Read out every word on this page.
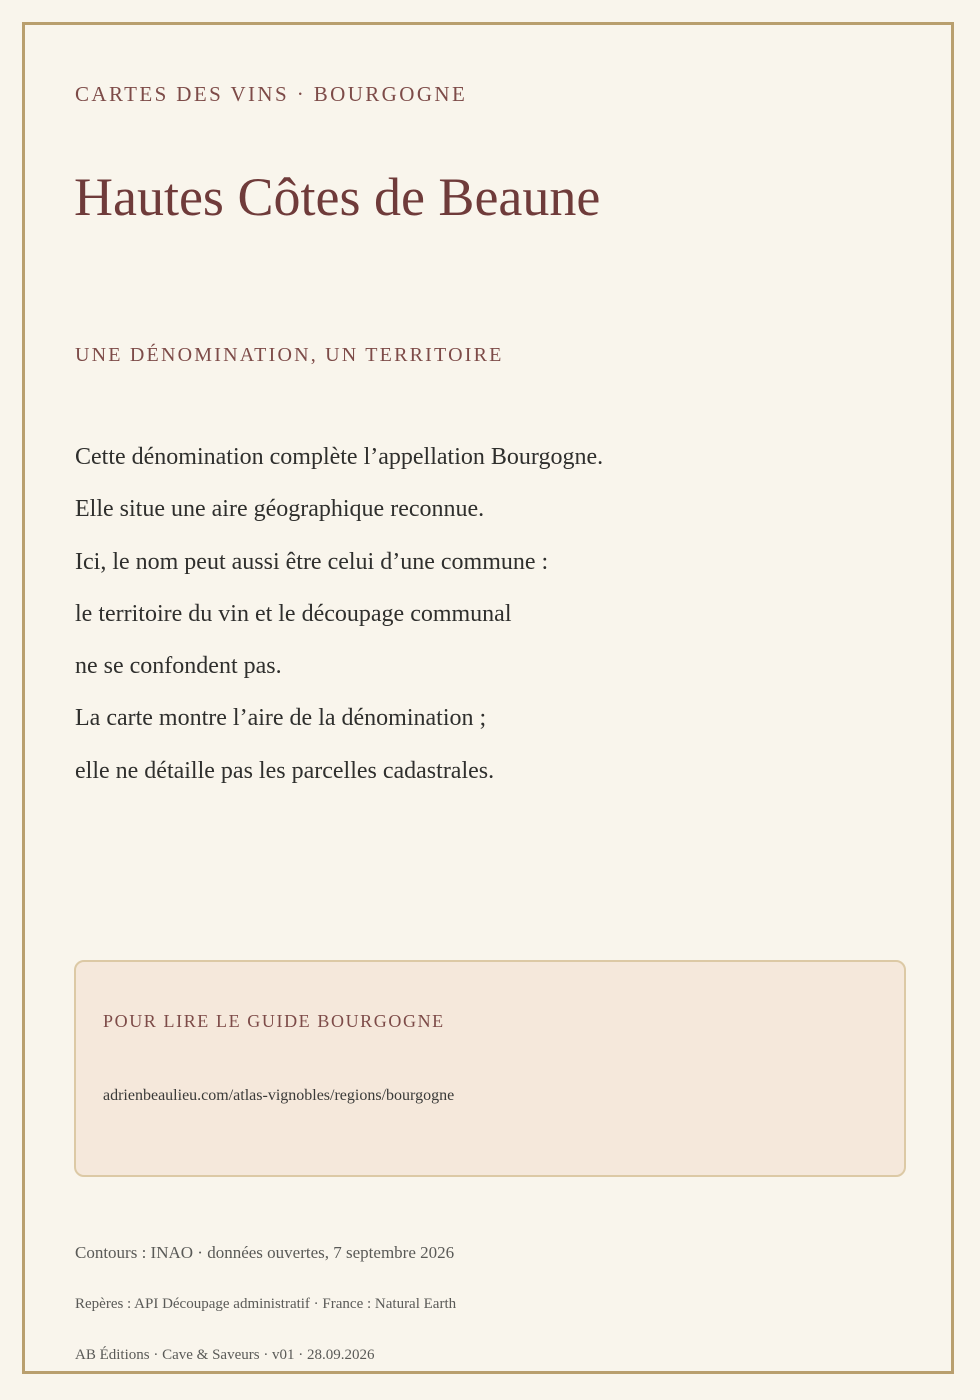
CARTES DES VINS · BOURGOGNE
Hautes Côtes de Beaune
UNE DÉNOMINATION, UN TERRITOIRE
Cette dénomination complète l’appellation Bourgogne.
Elle situe une aire géographique reconnue.
Ici, le nom peut aussi être celui d’une commune :
le territoire du vin et le découpage communal
ne se confondent pas.
La carte montre l’aire de la dénomination ;
elle ne détaille pas les parcelles cadastrales.
POUR LIRE LE GUIDE BOURGOGNE
adrienbeaulieu.com/atlas-vignobles/regions/bourgogne
Contours : INAO · données ouvertes, 7 septembre 2026
Repères : API Découpage administratif · France : Natural Earth
AB Éditions · Cave & Saveurs · v01 · 28.09.2026
